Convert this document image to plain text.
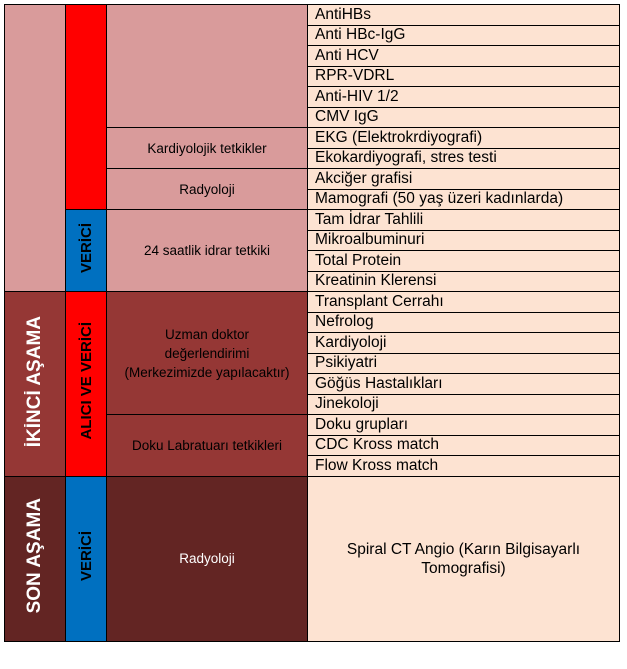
			AntiHBs
			Anti HBc-IgG
			Anti HCV
			RPR-VDRL
			Anti-HIV 1/2
			CMV IgG
		Kardiyolojik tetkikler	EKG (Elektrokrdiyografi)
			Ekokardiyografi, stres testi
		Radyoloji	Akciğer grafisi
			Mamografi (50 yaş üzeri kadınlarda)
	VERİCİ	24 saatlik idrar tetkiki	Tam İdrar Tahlili
			Mikroalbuminuri
			Total Protein
			Kreatinin Klerensi
İKİNCİ AŞAMA	ALICI VE VERİCİ	Uzman doktor
değerlendirimi
(Merkezimizde yapılacaktır)	Transplant Cerrahı
			Nefrolog
			Kardiyoloji
			Psikiyatri
			Göğüs Hastalıkları
			Jinekoloji
		Doku Labratuarı tetkikleri	Doku grupları
			CDC Kross match
			Flow Kross match
SON AŞAMA	VERİCİ	Radyoloji	Spiral CT Angio (Karın Bilgisayarlı Tomografisi)
